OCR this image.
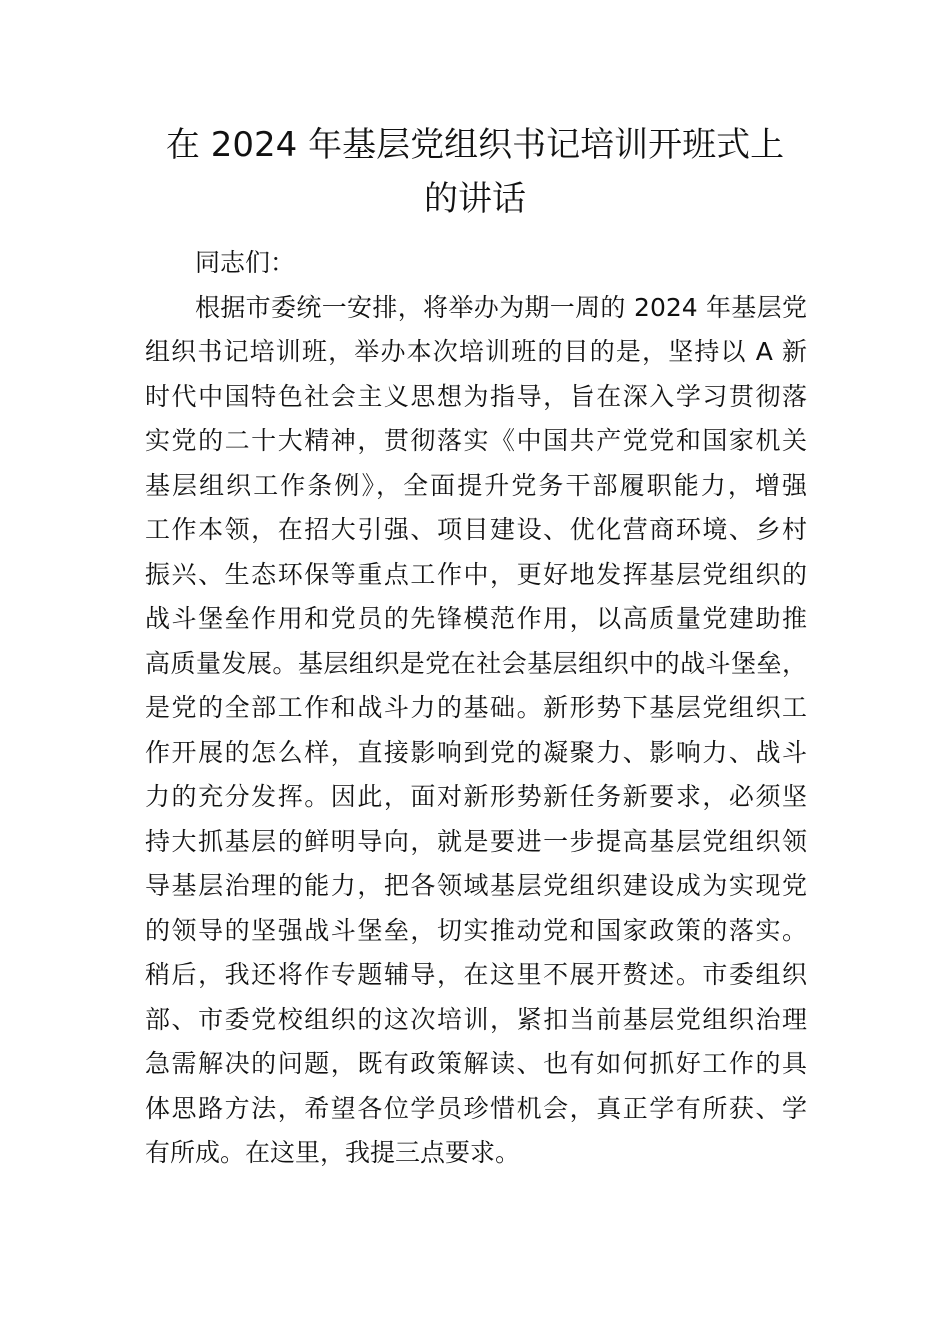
在 2024 年基层党组织书记培训开班式上
的讲话

同志们：

根据市委统一安排，将举办为期一周的 2024 年基层党
组织书记培训班，举办本次培训班的目的是，坚持以 A 新
时代中国特色社会主义思想为指导，旨在深入学习贯彻落
实党的二十大精神，贯彻落实《中国共产党党和国家机关
基层组织工作条例》，全面提升党务干部履职能力，增强
工作本领，在招大引强、项目建设、优化营商环境、乡村
振兴、生态环保等重点工作中，更好地发挥基层党组织的
战斗堡垒作用和党员的先锋模范作用，以高质量党建助推
高质量发展。基层组织是党在社会基层组织中的战斗堡垒，
是党的全部工作和战斗力的基础。新形势下基层党组织工
作开展的怎么样，直接影响到党的凝聚力、影响力、战斗
力的充分发挥。因此，面对新形势新任务新要求，必须坚
持大抓基层的鲜明导向，就是要进一步提高基层党组织领
导基层治理的能力，把各领域基层党组织建设成为实现党
的领导的坚强战斗堡垒，切实推动党和国家政策的落实。
稍后，我还将作专题辅导，在这里不展开赘述。市委组织
部、市委党校组织的这次培训，紧扣当前基层党组织治理
急需解决的问题，既有政策解读、也有如何抓好工作的具
体思路方法，希望各位学员珍惜机会，真正学有所获、学
有所成。在这里，我提三点要求。
